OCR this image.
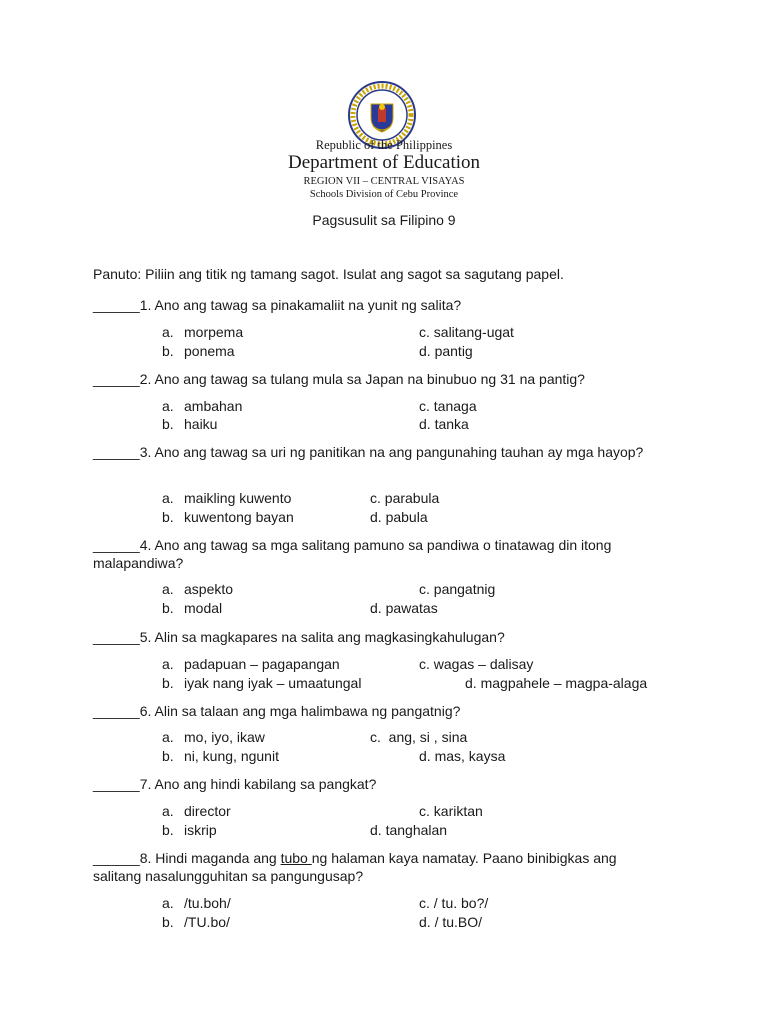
Republic of the Philippines
Department of Education
REGION VII – CENTRAL VISAYAS
Schools Division of Cebu Province
Pagsusulit sa Filipino 9
Panuto: Piliin ang titik ng tamang sagot. Isulat ang sagot sa sagutang papel.
______1. Ano ang tawag sa pinakamaliit na yunit ng salita?
a. morpema
b. ponema
c. salitang-ugat
d. pantig
______2. Ano ang tawag sa tulang mula sa Japan na binubuo ng 31 na pantig?
a. ambahan
b. haiku
c. tanaga
d. tanka
______3. Ano ang tawag sa uri ng panitikan na ang pangunahing tauhan ay mga hayop?
a. maikling kuwento
b. kuwentong bayan
c. parabula
d. pabula
______4. Ano ang tawag sa mga salitang pamuno sa pandiwa o tinatawag din itong malapandiwa?
a. aspekto
b. modal
c. pangatnig
d. pawatas
______5. Alin sa magkapares na salita ang magkasingkahulugan?
a. padapuan – pagapangan
b. iyak nang iyak – umaatungal
c. wagas – dalisay
d. magpahele – magpa-alaga
______6. Alin sa talaan ang mga halimbawa ng pangatnig?
a. mo, iyo, ikaw
b. ni, kung, ngunit
c. ang, si , sina
d. mas, kaysa
______7. Ano ang hindi kabilang sa pangkat?
a. director
b. iskrip
c. kariktan
d. tanghalan
______8. Hindi maganda ang tubo ng halaman kaya namatay. Paano binibigkas ang salitang nasalungguhitan sa pangungusap?
a. /tu.boh/
b. /TU.bo/
c. / tu. bo?/
d. / tu.BO/
